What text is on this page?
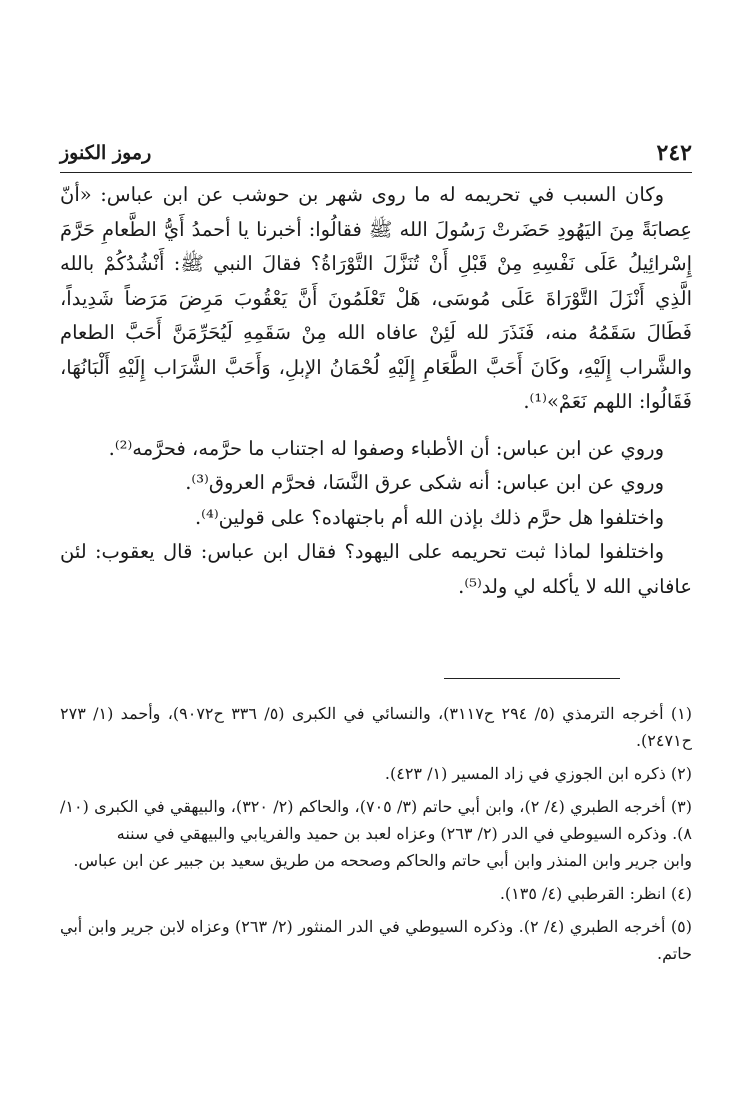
٢٤٢
رموز الكنوز

وكان السبب في تحريمه له ما روى شهر بن حوشب عن ابن عباس: «أنّ عِصابَةً مِنَ اليَهُودِ حَضَرتْ رَسُولَ الله ﷺ فقالُوا: أخبرنا يا أحمدُ أَيُّ الطَّعامِ حَرَّمَ إِسْرائِيلُ عَلَى نَفْسِهِ مِنْ قَبْلِ أَنْ تُنَزَّلَ التَّوْرَاةُ؟ فقالَ النبي ﷺ: أَنْشُدُكُمْ بالله الَّذِي أَنْزَلَ التَّوْرَاةَ عَلَى مُوسَى، هَلْ تَعْلَمُونَ أَنَّ يَعْقُوبَ مَرِضَ مَرَضاً شَدِيداً، فَطَالَ سَقَمُهُ منه، فَنَذَرَ لله لَئِنْ عافاه الله مِنْ سَقَمِهِ لَيُحَرِّمَنَّ أَحَبَّ الطعام والشَّراب إِلَيْهِ، وكَانَ أَحَبَّ الطَّعَامِ إِلَيْهِ لُحْمَانُ الإبلِ، وَأَحَبَّ الشَّرَاب إِلَيْهِ أَلْبَانُهَا، فَقَالُوا: اللهم نَعَمْ»⁽¹⁾.

وروي عن ابن عباس: أن الأطباء وصفوا له اجتناب ما حرَّمه، فحرَّمه⁽²⁾.

وروي عن ابن عباس: أنه شكى عرق النَّسَا، فحرَّم العروق⁽³⁾.

واختلفوا هل حرَّم ذلك بإذن الله أم باجتهاده؟ على قولين⁽⁴⁾.

واختلفوا لماذا ثبت تحريمه على اليهود؟ فقال ابن عباس: قال يعقوب: لئن عافاني الله لا يأكله لي ولد⁽⁵⁾.

(١) أخرجه الترمذي (٥/ ٢٩٤ ح٣١١٧)، والنسائي في الكبرى (٥/ ٣٣٦ ح٩٠٧٢)، وأحمد (١/ ٢٧٣ ح٢٤٧١).

(٢) ذكره ابن الجوزي في زاد المسير (١/ ٤٢٣).

(٣) أخرجه الطبري (٤/ ٢)، وابن أبي حاتم (٣/ ٧٠٥)، والحاكم (٢/ ٣٢٠)، والبيهقي في الكبرى (١٠/ ٨). وذكره السيوطي في الدر (٢/ ٢٦٣) وعزاه لعبد بن حميد والفريابي والبيهقي في سننه

وابن جرير وابن المنذر وابن أبي حاتم والحاكم وصححه من طريق سعيد بن جبير عن ابن عباس.

(٤) انظر: القرطبي (٤/ ١٣٥).

(٥) أخرجه الطبري (٤/ ٢). وذكره السيوطي في الدر المنثور (٢/ ٢٦٣) وعزاه لابن جرير وابن أبي حاتم.
